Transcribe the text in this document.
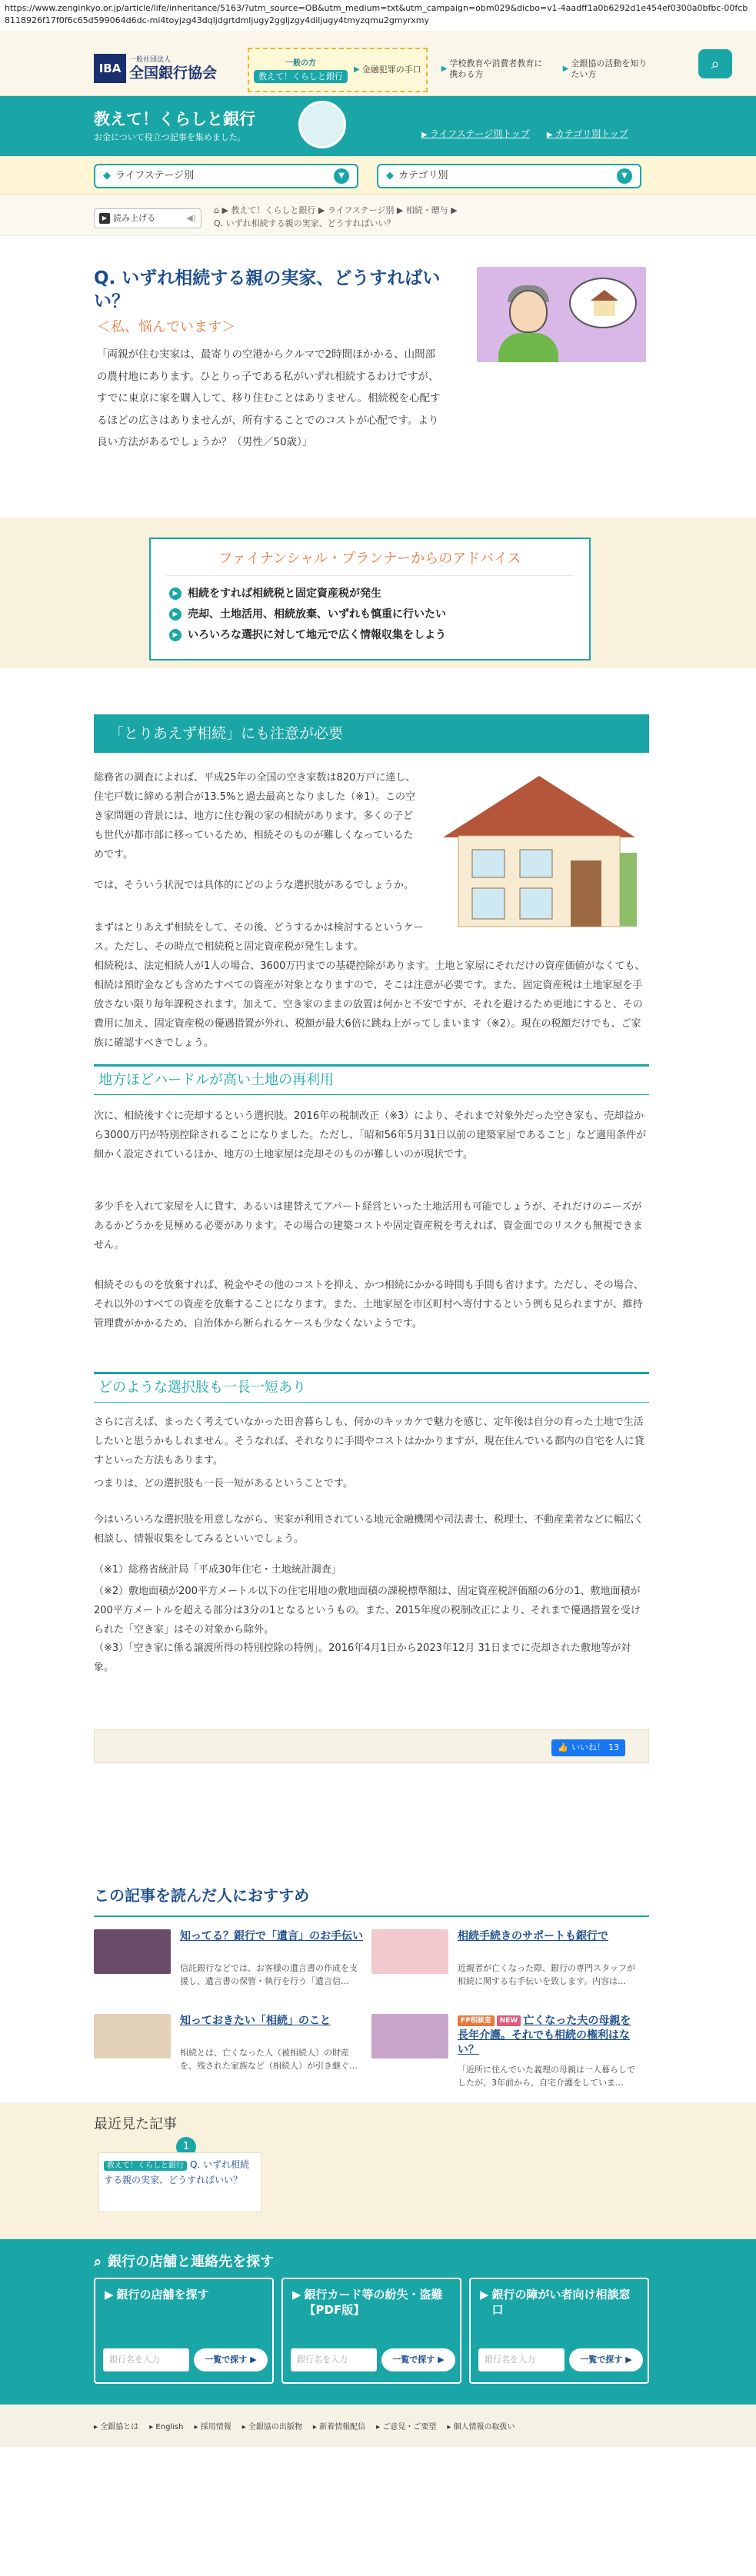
https://www.zenginkyo.or.jp/article/life/inheritance/5163/?utm_source=OB&utm_medium=txt&utm_campaign=obm029&dicbo=v1-4aadff1a0b6292d1e454ef0300a0bfbc-00fcb8118926f17f0f6c65d599064d6dc-mi4toyjzg43dqljdgrtdmljugy2ggljzgy4diljugy4tmyzqmu2gmyrxmy
IBA
一般社団法人
全国銀行協会
一般の方
教えて！くらしと銀行
▶ 金融犯罪の手口	▶
学校教育や消費者教育に携わる方
▶
全銀協の活動を知りたい方
⌕
教えて！くらしと銀行
お金について役立つ記事を集めました。	▶ ライフステージ別トップ ▶ カテゴリ別トップ
◆ ライフステージ別	▼	◆ カテゴリ別	▼
▶ 読み上げる	◀)
⌂ ▶ 教えて！くらしと銀行 ▶ ライフステージ別 ▶ 相続・贈与 ▶
Q. いずれ相続する親の実家、どうすればいい？
Q. いずれ相続する親の実家、どうすればいい？
＜私、悩んでいます＞
「両親が住む実家は、最寄りの空港からクルマで2時間ほかかる、山間部の農村地にあります。ひとりっ子である私がいずれ相続するわけですが、すでに東京に家を購入して、移り住むことはありません。相続税を心配するほどの広さはありませんが、所有することでのコストが心配です。より良い方法があるでしょうか？（男性／50歳）」
ファイナンシャル・プランナーからのアドバイス
▶ 相続をすれば相続税と固定資産税が発生
▶ 売却、土地活用、相続放棄、いずれも慎重に行いたい
▶ いろいろな選択に対して地元で広く情報収集をしよう
「とりあえず相続」にも注意が必要
総務省の調査によれば、平成25年の全国の空き家数は820万戸に達し、住宅戸数に締める割合が13.5%と過去最高となりました（※1）。この空き家問題の背景には、地方に住む親の家の相続があります。多くの子ども世代が都市部に移っているため、相続そのものが難しくなっているためです。
では、そういう状況では具体的にどのような選択肢があるでしょうか。
まずはとりあえず相続をして、その後、どうするかは検討するというケース。ただし、その時点で相続税と固定資産税が発生します。
相続税は、法定相続人が1人の場合、3600万円までの基礎控除があります。土地と家屋にそれだけの資産価値がなくても、相続は預貯金なども含めたすべての資産が対象となりますので、そこは注意が必要です。また、固定資産税は土地家屋を手放さない限り毎年課税されます。加えて、空き家のままの放置は何かと不安ですが、それを避けるため更地にすると、その費用に加え、固定資産税の優遇措置が外れ、税額が最大6倍に跳ね上がってしまいます（※2）。現在の税額だけでも、ご家族に確認すべきでしょう。
地方ほどハードルが高い土地の再利用
次に、相続後すぐに売却するという選択肢。2016年の税制改正（※3）により、それまで対象外だった空き家も、売却益から3000万円が特別控除されることになりました。ただし、「昭和56年5月31日以前の建築家屋であること」など適用条件が細かく設定されているほか、地方の土地家屋は売却そのものが難しいのが現状です。
多少手を入れて家屋を人に貸す、あるいは建替えてアパート経営といった土地活用も可能でしょうが、それだけのニーズがあるかどうかを見極める必要があります。その場合の建築コストや固定資産税を考えれば、資金面でのリスクも無視できません。
相続そのものを放棄すれば、税金やその他のコストを抑え、かつ相続にかかる時間も手間も省けます。ただし、その場合、それ以外のすべての資産を放棄することになります。また、土地家屋を市区町村へ寄付するという例も見られますが、維持管理費がかかるため、自治体から断られるケースも少なくないようです。
どのような選択肢も一長一短あり
さらに言えば、まったく考えていなかった田舎暮らしも、何かのキッカケで魅力を感じ、定年後は自分の育った土地で生活したいと思うかもしれません。そうなれば、それなりに手間やコストはかかりますが、現在住んでいる都内の自宅を人に貸すといった方法もあります。
つまりは、どの選択肢も一長一短があるということです。
今はいろいろな選択肢を用意しながら、実家が利用されている地元金融機関や司法書士、税理士、不動産業者などに幅広く相談し、情報収集をしてみるといいでしょう。
（※1）総務省統計局「平成30年住宅・土地統計調査」
（※2）敷地面積が200平方メートル以下の住宅用地の敷地面積の課税標準額は、固定資産税評価額の6分の1、敷地面積が200平方メートルを超える部分は3分の1となるというもの。また、2015年度の税制改正により、それまで優遇措置を受けられた「空き家」はその対象から除外。
（※3）「空き家に係る譲渡所得の特別控除の特例」。2016年4月1日から2023年12月 31日までに売却された敷地等が対象。
👍 いいね！ 13
この記事を読んだ人におすすめ
知ってる？銀行で「遺言」のお手伝い
信託銀行などでは、お客様の遺言書の作成を支援し、遺言書の保管・執行を行う「遺言信…
相続手続きのサポートも銀行で
近親者が亡くなった際、銀行の専門スタッフが相続に関する右手伝いを致します。内容は…
知っておきたい「相続」のこと
相続とは、亡くなった人（被相続人）の財産を、残された家族など（相続人）が引き継ぐ…
FP相談室 NEW 亡くなった夫の母親を長年介護。それでも相続の権利はない？
「近所に住んでいた義理の母親は一人暮らしでしたが、3年前から、自宅介護をしていま…
最近見た記事
1
教えて！くらしと銀行 Q. いずれ相続する親の実家、どうすればいい？
⌕ 銀行の店舗と連絡先を探す
▶ 銀行の店舗を探す
銀行名を入力	一覧で探す ▶
▶ 銀行カード等の紛失・盗難 【PDF版】
銀行名を入力	一覧で探す ▶
▶ 銀行の障がい者向け相談窓口
銀行名を入力	一覧で探す ▶
▸ 全銀協とは ▸ English ▸ 採用情報 ▸ 全銀協の出版物 ▸ 新着情報配信 ▸ ご意見・ご要望 ▸ 個人情報の取扱い
